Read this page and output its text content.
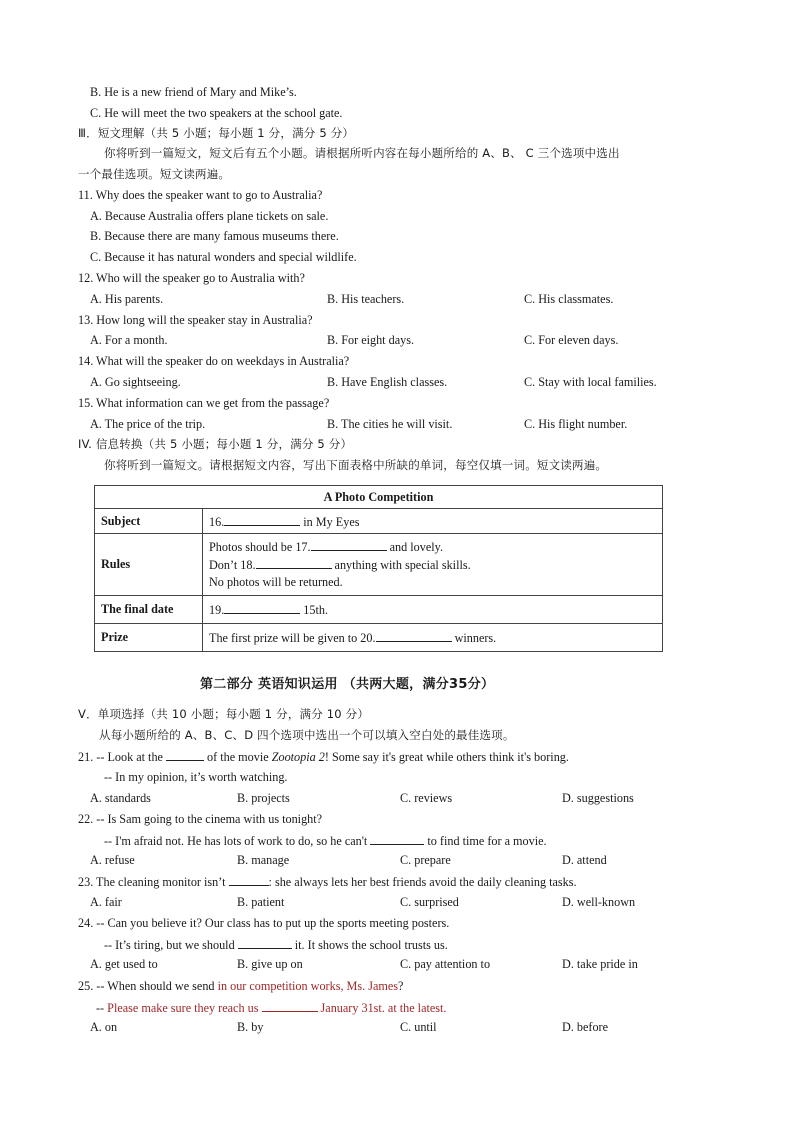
B. He is a new friend of Mary and Mike’s.
C. He will meet the two speakers at the school gate.
Ⅲ．短文理解（共 5 小题；每小题 1 分，满分 5 分）
你将听到一篇短文，短文后有五个小题。请根据所听内容在每小题所给的 A、B、 C 三个选项中选出
一个最佳选项。短文读两遍。
11. Why does the speaker want to go to Australia?
A. Because Australia offers plane tickets on sale.
B. Because there are many famous museums there.
C. Because it has natural wonders and special wildlife.
12. Who will the speaker go to Australia with?
A. His parents.	B. His teachers.	C. His classmates.
13. How long will the speaker stay in Australia?
A. For a month.	B. For eight days.	C. For eleven days.
14. What will the speaker do on weekdays in Australia?
A. Go sightseeing.	B. Have English classes.	C. Stay with local families.
15. What information can we get from the passage?
A. The price of the trip.	B. The cities he will visit.	C. His flight number.
IV. 信息转换（共 5 小题；每小题 1 分，满分 5 分）
你将听到一篇短文。请根据短文内容，写出下面表格中所缺的单词，每空仅填一词。短文读两遍。
A Photo Competition	
Subject	16. in My Eyes
Rules	Photos should be 17. and lovely.
Don’t 18. anything with special skills.
No photos will be returned.

The final date	19. 15th.
Prize	The first prize will be given to 20. winners.
第二部分 英语知识运用 （共两大题，满分35分）
V．单项选择（共 10 小题；每小题 1 分，满分 10 分）
从每小题所给的 A、B、C、D 四个选项中选出一个可以填入空白处的最佳选项。
21. -- Look at the	of the movie Zootopia 2! Some say it's great while others think it's boring.
-- In my opinion, it’s worth watching.
A. standards	B. projects	C. reviews	D. suggestions
22. -- Is Sam going to the cinema with us tonight?
-- I'm afraid not. He has lots of work to do, so he can't	to find time for a movie.
A. refuse	B. manage	C. prepare	D. attend
23. The cleaning monitor isn’t	: she always lets her best friends avoid the daily cleaning tasks.
A. fair	B. patient	C. surprised	D. well-known
24. -- Can you believe it? Our class has to put up the sports meeting posters.
-- It’s tiring, but we should	it. It shows the school trusts us.
A. get used to	B. give up on	C. pay attention to	D. take pride in
25. -- When should we send in our competition works, Ms. James?
-- Please make sure they reach us	January 31st. at the latest.
A. on	B. by	C. until	D. before
